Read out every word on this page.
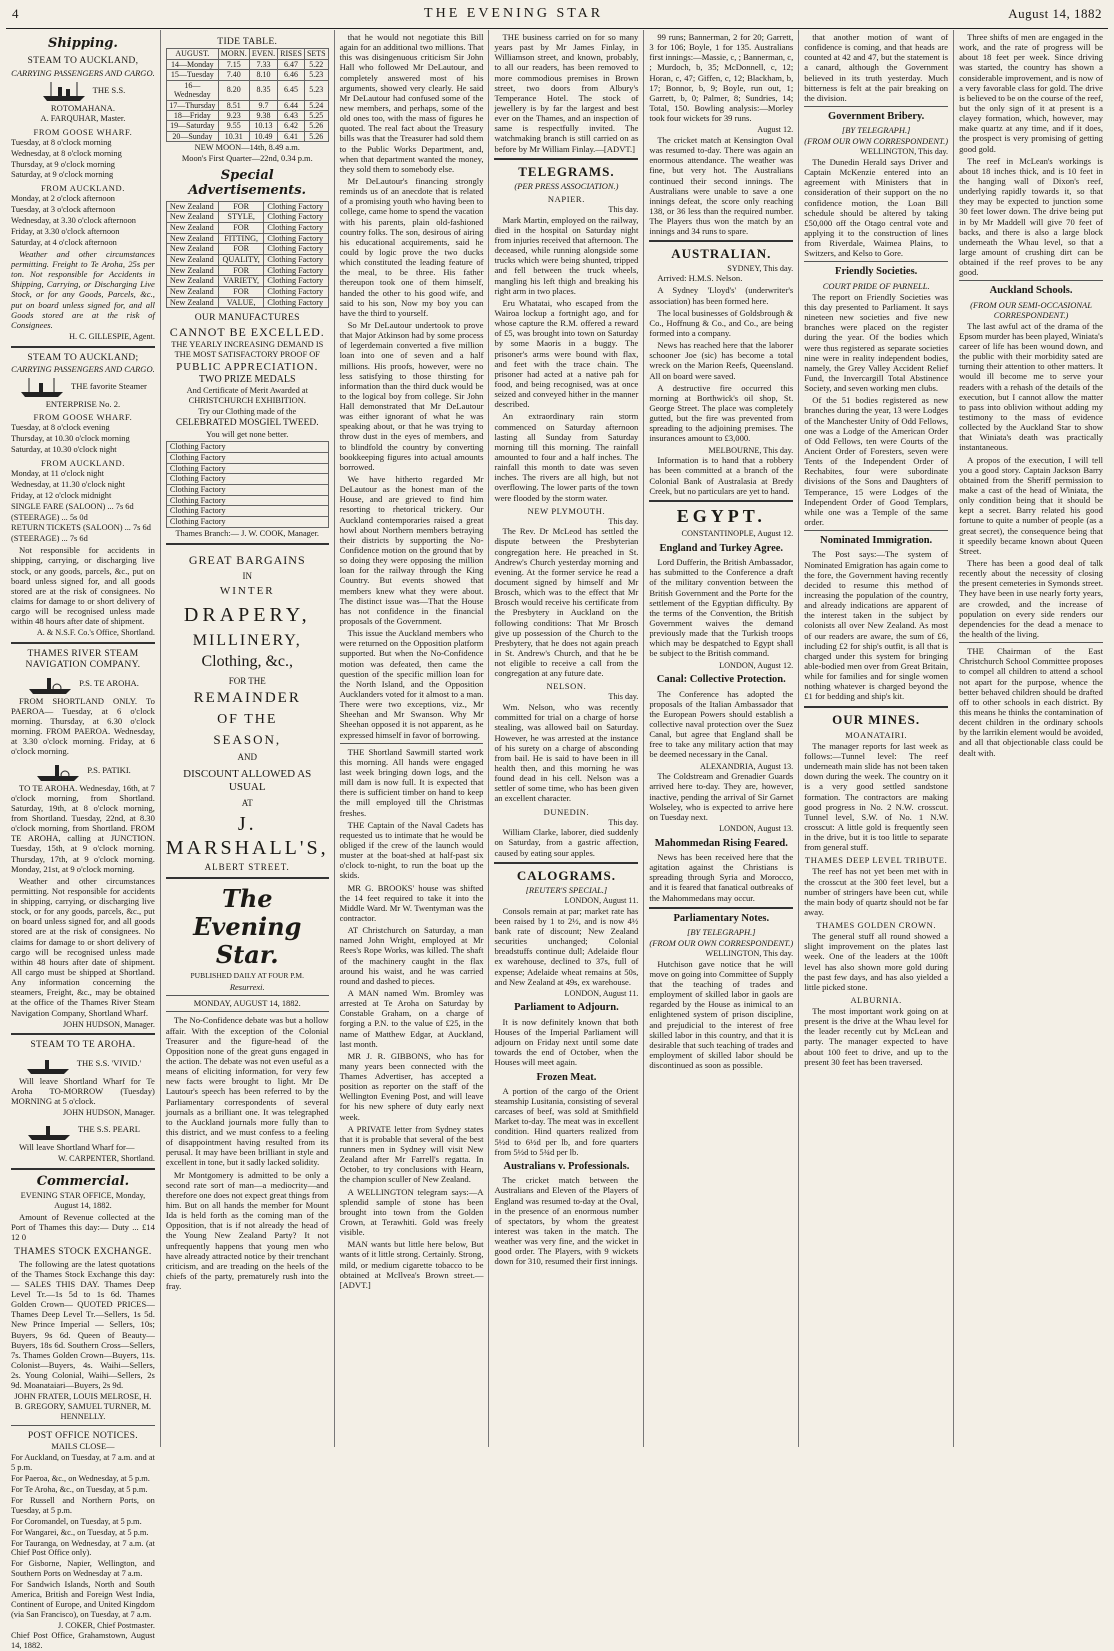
4	THE EVENING STAR	August 14, 1882
Shipping.
STEAM TO AUCKLAND,
CARRYING PASSENGERS AND CARGO.
THE S.S. ROTOMAHANA.
A. FARQUHAR, Master.
FROM GOOSE WHARF.
Tuesday, at 8 o'clock morning
Wednesday, at 8 o'clock morning
Thursday, at 9 o'clock morning
Saturday, at 9 o'clock morning
FROM AUCKLAND.
Monday, at 2 o'clock afternoon
Tuesday, at 3 o'clock afternoon
Wednesday, at 3.30 o'clock afternoon
Friday, at 3.30 o'clock afternoon
Saturday, at 4 o'clock afternoon

Weather and other circumstances permitting. Freight to Te Aroha, 25s per ton. Not responsible for Accidents in Shipping, Carrying, or Discharging Live Stock, or for any Goods, Parcels, &c., put on board unless signed for, and all Goods stored are at the risk of Consignees.

H. C. GILLESPIE, Agent.
STEAM TO AUCKLAND;
CARRYING PASSENGERS AND CARGO.
THE favorite Steamer ENTERPRISE No. 2.
FROM GOOSE WHARF.
Tuesday, at 8 o'clock evening
Thursday, at 10.30 o'clock morning
Saturday, at 10.30 o'clock night
FROM AUCKLAND.
Monday, at 11 o'clock night
Wednesday, at 11.30 o'clock night
Friday, at 12 o'clock midnight
SINGLE FARE (SALOON) ... 7s 6d
(STEERAGE) ... 5s 0d
RETURN TICKETS (SALOON) ... 7s 6d
(STEERAGE) ... 7s 6d

Not responsible for accidents in shipping, carrying, or discharging live stock, or any goods, parcels, &c., put on board unless signed for, and all goods stored are at the risk of consignees. No claims for damage to or short delivery of cargo will be recognised unless made within 48 hours after date of shipment.

A. & N.S.F. Co.'s Office, Shortland.
THAMES RIVER STEAM NAVIGATION COMPANY.
P.S. TE AROHA.

FROM SHORTLAND ONLY. To PAEROA— Tuesday, at 6 o'clock morning. Thursday, at 6.30 o'clock morning. FROM PAEROA. Wednesday, at 3.30 o'clock morning. Friday, at 6 o'clock morning.

P.S. PATIKI.

TO TE AROHA. Wednesday, 16th, at 7 o'clock morning, from Shortland. Saturday, 19th, at 8 o'clock morning, from Shortland. Tuesday, 22nd, at 8.30 o'clock morning, from Shortland. FROM TE AROHA, calling at JUNCTION. Tuesday, 15th, at 9 o'clock morning. Thursday, 17th, at 9 o'clock morning. Monday, 21st, at 9 o'clock morning.

Weather and other circumstances permitting. Not responsible for accidents in shipping, carrying, or discharging live stock, or for any goods, parcels, &c., put on board unless signed for, and all goods stored are at the risk of consignees. No claims for damage to or short delivery of cargo will be recognised unless made within 48 hours after date of shipment. All cargo must be shipped at Shortland. Any information concerning the steamers, Freight, &c., may be obtained at the office of the Thames River Steam Navigation Company, Shortland Wharf.

JOHN HUDSON, Manager.
STEAM TO TE AROHA.
THE S.S. 'VIVID.'

Will leave Shortland Wharf for Te Aroha TO-MORROW (Tuesday) MORNING at 5 o'clock.

JOHN HUDSON, Manager.
THE S.S. PEARL

Will leave Shortland Wharf for—

W. CARPENTER, Shortland.
Commercial.
EVENING STAR OFFICE, Monday, August 14, 1882.

Amount of Revenue collected at the Port of Thames this day:— Duty ... £14 12 0

THAMES STOCK EXCHANGE.

The following are the latest quotations of the Thames Stock Exchange this day:— SALES THIS DAY. Thames Deep Level Tr.—1s 5d to 1s 6d. Thames Golden Crown— QUOTED PRICES— Thames Deep Level Tr.—Sellers, 1s 5d. New Prince Imperial — Sellers, 10s; Buyers, 9s 6d. Queen of Beauty—Buyers, 18s 6d. Southern Cross—Sellers, 7s. Thames Golden Crown—Buyers, 11s. Colonist—Buyers, 4s. Waihi—Sellers, 2s. Young Colonial, Waihi—Sellers, 2s 9d. Moanataiari—Buyers, 2s 9d.

JOHN FRATER, LOUIS MELROSE, H. B. GREGORY, SAMUEL TURNER, M. HENNELLY.
POST OFFICE NOTICES.
MAILS CLOSE—
For Auckland, on Tuesday, at 7 a.m. and at 5 p.m.
For Paeroa, &c., on Wednesday, at 5 p.m.
For Te Aroha, &c., on Tuesday, at 5 p.m.
For Russell and Northern Ports, on Tuesday, at 5 p.m.
For Coromandel, on Tuesday, at 5 p.m.
For Wangarei, &c., on Tuesday, at 5 p.m.
For Tauranga, on Wednesday, at 7 a.m. (at Chief Post Office only).
For Gisborne, Napier, Wellington, and Southern Ports on Wednesday at 7 a.m.
For Sandwich Islands, North and South America, British and Foreign West India, Continent of Europe, and United Kingdom (via San Francisco), on Tuesday, at 7 a.m.
J. COKER, Chief Postmaster.
Chief Post Office, Grahamstown, August 14, 1882.
TIDE TABLE.
AUGUST.	MORN.	EVEN.	RISES	SETS
14—Monday	7.15	7.33	6.47	5.22
15—Tuesday	7.40	8.10	6.46	5.23
16—Wednesday	8.20	8.35	6.45	5.23
17—Thursday	8.51	9.7	6.44	5.24
18—Friday	9.23	9.38	6.43	5.25
19—Saturday	9.55	10.13	6.42	5.26
20—Sunday	10.31	10.49	6.41	5.26
NEW MOON—14th, 8.49 a.m.
Moon's First Quarter—22nd, 0.34 p.m.
Special Advertisements.
New Zealand	FOR	Clothing Factory
New Zealand	STYLE,	Clothing Factory
New Zealand	FOR	Clothing Factory
New Zealand	FITTING,	Clothing Factory
New Zealand	FOR	Clothing Factory
New Zealand	QUALITY,	Clothing Factory
New Zealand	FOR	Clothing Factory
New Zealand	VARIETY,	Clothing Factory
New Zealand	FOR	Clothing Factory
New Zealand	VALUE,	Clothing Factory
OUR MANUFACTURES
CANNOT BE EXCELLED.
THE YEARLY INCREASING DEMAND IS THE MOST SATISFACTORY PROOF OF
PUBLIC APPRECIATION.
TWO PRIZE MEDALS
And Certificate of Merit Awarded at CHRISTCHURCH EXHIBITION.
Try our Clothing made of the
CELEBRATED MOSGIEL TWEED.
You will get none better.
Clothing Factory
Clothing Factory
Clothing Factory
Clothing Factory
Clothing Factory
Clothing Factory
Clothing Factory
Clothing Factory
Thames Branch:— J. W. COOK, Manager.
GREAT BARGAINS
IN
WINTER
DRAPERY,
MILLINERY,
Clothing, &c.,
FOR THE
REMAINDER
OF THE
SEASON,
AND
DISCOUNT ALLOWED AS USUAL
AT
J. MARSHALL'S,
ALBERT STREET.
The Evening Star.
PUBLISHED DAILY AT FOUR P.M.
Resurrexi.
MONDAY, AUGUST 14, 1882.

The No-Confidence debate was but a hollow affair. With the exception of the Colonial Treasurer and the figure-head of the Opposition none of the great guns engaged in the action. The debate was not even useful as a means of eliciting information, for very few new facts were brought to light. Mr De Lautour's speech has been referred to by the Parliamentary correspondents of several journals as a brilliant one. It was telegraphed to the Auckland journals more fully than to this district, and we must confess to a feeling of disappointment having resulted from its perusal. It may have been brilliant in style and excellent in tone, but it sadly lacked solidity.

Mr Montgomery is admitted to be only a second rate sort of man—a mediocrity—and therefore one does not expect great things from him. But on all hands the member for Mount Ida is held forth as the coming man of the Opposition, that is if not already the head of the Young New Zealand Party? It not unfrequently happens that young men who have already attracted notice by their trenchant criticism, and are treading on the heels of the chiefs of the party, prematurely rush into the fray.

that he would not negotiate this Bill again for an additional two millions. That this was disingenuous criticism Sir John Hall who followed Mr DeLautour, and completely answered most of his arguments, showed very clearly. He said Mr DeLautour had confused some of the new members, and perhaps, some of the old ones too, with the mass of figures he quoted. The real fact about the Treasury bills was that the Treasurer had sold them to the Public Works Department, and, when that department wanted the money, they sold them to somebody else.

Mr DeLautour's financing strongly reminds us of an anecdote that is related of a promising youth who having been to college, came home to spend the vacation with his parents, plain old-fashioned country folks. The son, desirous of airing his educational acquirements, said he could by logic prove the two ducks which constituted the leading feature of the meal, to be three. His father thereupon took one of them himself, handed the other to his good wife, and said to his son, Now my boy you can have the third to yourself.

So Mr DeLautour undertook to prove that Major Atkinson had by some process of legerdemain converted a five million loan into one of seven and a half millions. His proofs, however, were no less satisfying to those thirsting for information than the third duck would be to the logical boy from college. Sir John Hall demonstrated that Mr DeLautour was either ignorant of what he was speaking about, or that he was trying to throw dust in the eyes of members, and to blindfold the country by converting bookkeeping figures into actual amounts borrowed.

We have hitherto regarded Mr DeLautour as the honest man of the House, and are grieved to find him resorting to rhetorical trickery. Our Auckland contemporaries raised a great howl about Northern members betraying their districts by supporting the No-Confidence motion on the ground that by so doing they were opposing the million loan for the railway through the King Country. But events showed that members knew what they were about. The distinct issue was—That the House has not confidence in the financial proposals of the Government.

This issue the Auckland members who were returned on the Opposition platform supported. But when the No-Confidence motion was defeated, then came the question of the specific million loan for the North Island, and the Opposition Aucklanders voted for it almost to a man. There were two exceptions, viz., Mr Sheehan and Mr Swanson. Why Mr Sheehan opposed it is not apparent, as he expressed himself in favor of borrowing.

THE Shortland Sawmill started work this morning. All hands were engaged last week bringing down logs, and the mill dam is now full. It is expected that there is sufficient timber on hand to keep the mill employed till the Christmas freshes.

THE Captain of the Naval Cadets has requested us to intimate that he would be obliged if the crew of the launch would muster at the boat-shed at half-past six o'clock to-night, to run the boat up the skids.

MR G. BROOKS' house was shifted the 14 feet required to take it into the Middle Ward. Mr W. Twentyman was the contractor.

AT Christchurch on Saturday, a man named John Wright, employed at Mr Rees's Rope Works, was killed. The shaft of the machinery caught in the flax around his waist, and he was carried round and dashed to pieces.

A MAN named Wm. Bromley was arrested at Te Aroha on Saturday by Constable Graham, on a charge of forging a P.N. to the value of £25, in the name of Matthew Edgar, at Auckland, last month.

MR J. R. GIBBONS, who has for many years been connected with the Thames Advertiser, has accepted a position as reporter on the staff of the Wellington Evening Post, and will leave for his new sphere of duty early next week.

A PRIVATE letter from Sydney states that it is probable that several of the best runners men in Sydney will visit New Zealand after Mr Farrell's regatta. In October, to try conclusions with Hearn, the champion sculler of New Zealand.

A WELLINGTON telegram says:—A splendid sample of stone has been brought into town from the Golden Crown, at Terawhiti. Gold was freely visible.

MAN wants but little here below, But wants of it little strong. Certainly. Strong, mild, or medium cigarette tobacco to be obtained at McIlvea's Brown street.—[ADVT.]

THE business carried on for so many years past by Mr James Finlay, in Williamson street, and known, probably, to all our readers, has been removed to more commodious premises in Brown street, two doors from Albury's Temperance Hotel. The stock of jewellery is by far the largest and best ever on the Thames, and an inspection of same is respectfully invited. The watchmaking branch is still carried on as before by Mr William Finlay.—[ADVT.]

TELEGRAMS.
(PER PRESS ASSOCIATION.)
NAPIER.
This day.

Mark Martin, employed on the railway, died in the hospital on Saturday night from injuries received that afternoon. The deceased, while running alongside some trucks which were being shunted, tripped and fell between the truck wheels, mangling his left thigh and breaking his right arm in two places.

Eru Whatatai, who escaped from the Wairoa lockup a fortnight ago, and for whose capture the R.M. offered a reward of £5, was brought into town on Saturday by some Maoris in a buggy. The prisoner's arms were bound with flax, and feet with the trace chain. The prisoner had acted at a native pah for food, and being recognised, was at once seized and conveyed hither in the manner described.

An extraordinary rain storm commenced on Saturday afternoon lasting all Sunday from Saturday morning till this morning. The rainfall amounted to four and a half inches. The rainfall this month to date was seven inches. The rivers are all high, but not overflowing. The lower parts of the town were flooded by the storm water.

NEW PLYMOUTH.
This day.

The Rev. Dr McLeod has settled the dispute between the Presbyterian congregation here. He preached in St. Andrew's Church yesterday morning and evening. At the former service he read a document signed by himself and Mr Brosch, which was to the effect that Mr Brosch would receive his certificate from the Presbytery in Auckland on the following conditions: That Mr Brosch give up possession of the Church to the Presbytery, that he does not again preach in St. Andrew's Church, and that he be not eligible to receive a call from the congregation at any future date.

NELSON.
This day.

Wm. Nelson, who was recently committed for trial on a charge of horse stealing, was allowed bail on Saturday. However, he was arrested at the instance of his surety on a charge of absconding from bail. He is said to have been in ill health then, and this morning he was found dead in his cell. Nelson was a settler of some time, who has been given an excellent character.

DUNEDIN.
This day.

William Clarke, laborer, died suddenly on Saturday, from a gastric affection, caused by eating sour apples.

CALOGRAMS.
[REUTER'S SPECIAL.]
LONDON, August 11.

Consols remain at par; market rate has been raised by 1 to 2½, and is now 4½ bank rate of discount; New Zealand securities unchanged; Colonial breadstuffs continue dull; Adelaide flour ex warehouse, declined to 37s, full of expense; Adelaide wheat remains at 50s, and New Zealand at 49s, ex warehouse.

LONDON, August 11.
Parliament to Adjourn.

It is now definitely known that both Houses of the Imperial Parliament will adjourn on Friday next until some date towards the end of October, when the Houses will meet again.

Frozen Meat.

A portion of the cargo of the Orient steamship Lusitania, consisting of several carcases of beef, was sold at Smithfield Market to-day. The meat was in excellent condition. Hind quarters realized from 5½d to 6½d per lb, and fore quarters from 5½d to 5¾d per lb.

Australians v. Professionals.

The cricket match between the Australians and Eleven of the Players of England was resumed to-day at the Oval, in the presence of an enormous number of spectators, by whom the greatest interest was taken in the match. The weather was very fine, and the wicket in good order. The Players, with 9 wickets down for 310, resumed their first innings.

99 runs; Bannerman, 2 for 20; Garrett, 3 for 106; Boyle, 1 for 135. Australians first innings:—Massie, c, ; Bannerman, c, ; Murdoch, b, 35; McDonnell, c, 12; Horan, c, 47; Giffen, c, 12; Blackham, b, 17; Bonnor, b, 9; Boyle, run out, 1; Garrett, b, 0; Palmer, 8; Sundries, 14; Total, 150. Bowling analysis:—Morley took four wickets for 39 runs.

August 12.

The cricket match at Kensington Oval was resumed to-day. There was again an enormous attendance. The weather was fine, but very hot. The Australians continued their second innings. The Australians were unable to save a one innings defeat, the score only reaching 138, or 36 less than the required number. The Players thus won the match by an innings and 34 runs to spare.

AUSTRALIAN.
SYDNEY, This day.

Arrived: H.M.S. Nelson.

A Sydney 'Lloyd's' (underwriter's association) has been formed here.

The local businesses of Goldsbrough & Co., Hoffnung & Co., and Co., are being formed into a company.

News has reached here that the laborer schooner Joe (sic) has become a total wreck on the Marion Reefs, Queensland. All on board were saved.

A destructive fire occurred this morning at Borthwick's oil shop, St. George Street. The place was completely gutted, but the fire was prevented from spreading to the adjoining premises. The insurances amount to £3,000.

MELBOURNE, This day.

Information is to hand that a robbery has been committed at a branch of the Colonial Bank of Australasia at Bredy Creek, but no particulars are yet to hand.

EGYPT.
CONSTANTINOPLE, August 12.
England and Turkey Agree.

Lord Dufferin, the British Ambassador, has submitted to the Conference a draft of the military convention between the British Government and the Porte for the settlement of the Egyptian difficulty. By the terms of the Convention, the British Government waives the demand previously made that the Turkish troops which may be despatched to Egypt shall be subject to the British command.

LONDON, August 12.
Canal: Collective Protection.

The Conference has adopted the proposals of the Italian Ambassador that the European Powers should establish a collective naval protection over the Suez Canal, but agree that England shall be free to take any military action that may be deemed necessary in the Canal.

ALEXANDRIA, August 13.

The Coldstream and Grenadier Guards arrived here to-day. They are, however, inactive, pending the arrival of Sir Garnet Wolseley, who is expected to arrive here on Tuesday next.

LONDON, August 13.
Mahommedan Rising Feared.

News has been received here that the agitation against the Christians is spreading through Syria and Morocco, and it is feared that fanatical outbreaks of the Mahommedans may occur.

Parliamentary Notes.
[BY TELEGRAPH.]
(FROM OUR OWN CORRESPONDENT.)
WELLINGTON, This day.

Hutchison gave notice that he will move on going into Committee of Supply that the teaching of trades and employment of skilled labor in gaols are regarded by the House as inimical to an enlightened system of prison discipline, and prejudicial to the interest of free skilled labor in this country, and that it is desirable that such teaching of trades and employment of skilled labor should be discontinued as soon as possible.

that another motion of want of confidence is coming, and that heads are counted at 42 and 47, but the statement is a canard, although the Government believed in its truth yesterday. Much bitterness is felt at the pair breaking on the division.

Government Bribery.
[BY TELEGRAPH.]
(FROM OUR OWN CORRESPONDENT.)
WELLINGTON, This day.

The Dunedin Herald says Driver and Captain McKenzie entered into an agreement with Ministers that in consideration of their support on the no confidence motion, the Loan Bill schedule should be altered by taking £50,000 off the Otago central vote and applying it to the construction of lines from Riverdale, Waimea Plains, to Switzers, and Kelso to Gore.

Friendly Societies.
COURT PRIDE OF PARNELL.

The report on Friendly Societies was this day presented to Parliament. It says nineteen new societies and five new branches were placed on the register during the year. Of the bodies which were thus registered as separate societies nine were in reality independent bodies, namely, the Grey Valley Accident Relief Fund, the Invercargill Total Abstinence Society, and seven working men clubs.

Of the 51 bodies registered as new branches during the year, 13 were Lodges of the Manchester Unity of Odd Fellows, one was a Lodge of the American Order of Odd Fellows, ten were Courts of the Ancient Order of Foresters, seven were Tents of the Independent Order of Rechabites, four were subordinate divisions of the Sons and Daughters of Temperance, 15 were Lodges of the Independent Order of Good Templars, while one was a Temple of the same order.

Nominated Immigration.

The Post says:—The system of Nominated Emigration has again come to the fore, the Government having recently decided to resume this method of increasing the population of the country, and already indications are apparent of the interest taken in the subject by colonists all over New Zealand. As most of our readers are aware, the sum of £6, including £2 for ship's outfit, is all that is charged under this system for bringing able-bodied men over from Great Britain, while for families and for single women nothing whatever is charged beyond the £1 for bedding and ship's kit.

OUR MINES.
MOANATAIRI.

The manager reports for last week as follows:—Tunnel level: The reef underneath main slide has not been taken down during the week. The country on it is a very good settled sandstone formation. The contractors are making good progress in No. 2 N.W. crosscut. Tunnel level, S.W. of No. 1 N.W. crosscut: A little gold is frequently seen in the drive, but it is too little to separate from general stuff.

THAMES DEEP LEVEL TRIBUTE.

The reef has not yet been met with in the crosscut at the 300 feet level, but a number of stringers have been cut, while the main body of quartz should not be far away.

THAMES GOLDEN CROWN.

The general stuff all round showed a slight improvement on the plates last week. One of the leaders at the 100ft level has also shown more gold during the past few days, and has also yielded a little picked stone.

ALBURNIA.

The most important work going on at present is the drive at the Whau level for the leader recently cut by McLean and party. The manager expected to have about 100 feet to drive, and up to the present 30 feet has been traversed.

Three shifts of men are engaged in the work, and the rate of progress will be about 18 feet per week. Since driving was started, the country has shown a considerable improvement, and is now of a very favorable class for gold. The drive is believed to be on the course of the reef, but the only sign of it at present is a clayey formation, which, however, may make quartz at any time, and if it does, the prospect is very promising of getting good gold.

The reef in McLean's workings is about 18 inches thick, and is 10 feet in the hanging wall of Dixon's reef, underlying rapidly towards it, so that they may be expected to junction some 30 feet lower down. The drive being put in by Mr Maddell will give 70 feet of backs, and there is also a large block underneath the Whau level, so that a large amount of crushing dirt can be obtained if the reef proves to be any good.

Auckland Schools.
(FROM OUR SEMI-OCCASIONAL CORRESPONDENT.)

The last awful act of the drama of the Epsom murder has been played, Winiata's career of life has been wound down, and the public with their morbidity sated are turning their attention to other matters. It would ill become me to serve your readers with a rehash of the details of the execution, but I cannot allow the matter to pass into oblivion without adding my testimony to the mass of evidence collected by the Auckland Star to show that Winiata's death was practically instantaneous.

A propos of the execution, I will tell you a good story. Captain Jackson Barry obtained from the Sheriff permission to make a cast of the head of Winiata, the only condition being that it should be kept a secret. Barry related his good fortune to quite a number of people (as a great secret), the consequence being that it speedily became known about Queen Street.

There has been a good deal of talk recently about the necessity of closing the present cemeteries in Symonds street. They have been in use nearly forty years, are crowded, and the increase of population on every side renders our dependencies for the dead a menace to the health of the living.

THE Chairman of the East Christchurch School Committee proposes to compel all children to attend a school not apart for the purpose, whence the better behaved children should be drafted off to other schools in each district. By this means he thinks the contamination of decent children in the ordinary schools by the larrikin element would be avoided, and all that objectionable class could be dealt with.
